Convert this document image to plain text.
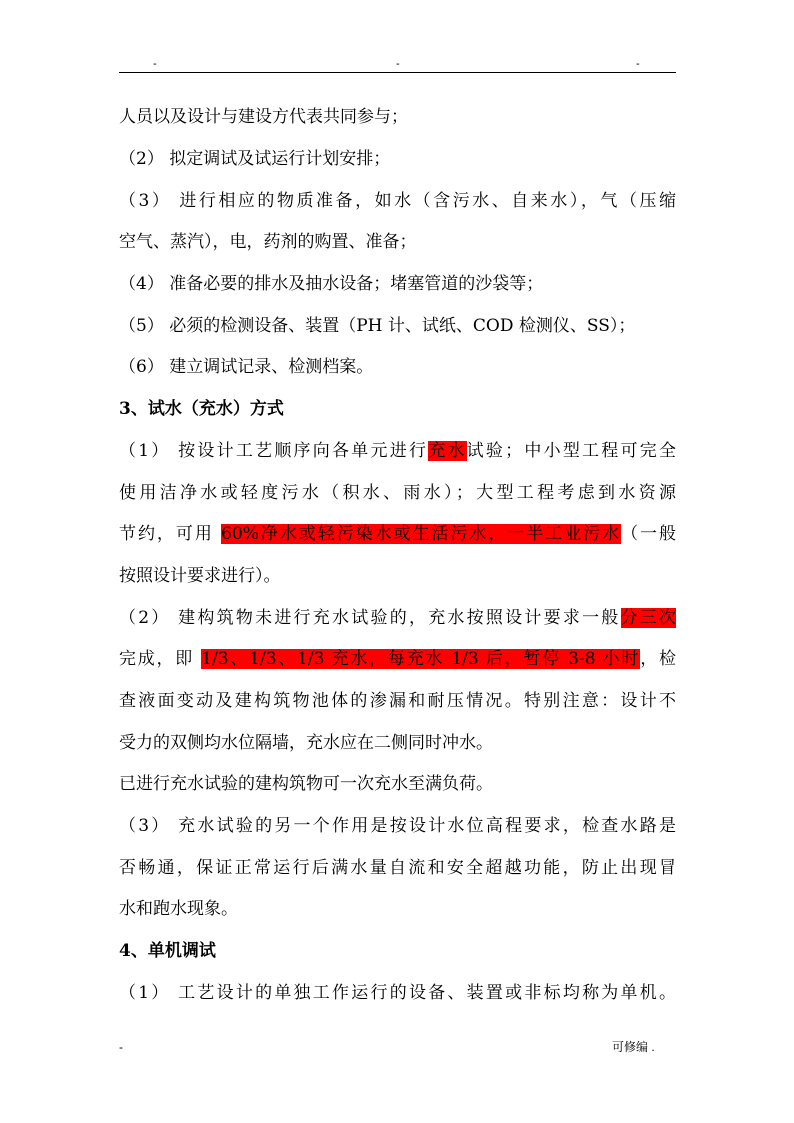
-	-	-
人员以及设计与建设方代表共同参与；
（2） 拟定调试及试运行计划安排；
（3） 进行相应的物质准备，如水（含污水、自来水），气（压缩
空气、蒸汽），电，药剂的购置、准备；
（4） 准备必要的排水及抽水设备；堵塞管道的沙袋等；
（5） 必须的检测设备、装置（PH 计、试纸、COD 检测仪、SS）；
（6） 建立调试记录、检测档案。
3、试水（充水）方式
（1） 按设计工艺顺序向各单元进行充水试验；中小型工程可完全
使用洁净水或轻度污水（积水、雨水）；大型工程考虑到水资源
节约，可用 60%净水或轻污染水或生活污水，一半工业污水（一般
按照设计要求进行）。
（2） 建构筑物未进行充水试验的，充水按照设计要求一般分三次
完成，即 1/3、1/3、1/3 充水，每充水 1/3 后，暂停 3-8 小时，检
查液面变动及建构筑物池体的渗漏和耐压情况。特别注意：设计不
受力的双侧均水位隔墙，充水应在二侧同时冲水。
已进行充水试验的建构筑物可一次充水至满负荷。
（3） 充水试验的另一个作用是按设计水位高程要求，检查水路是
否畅通，保证正常运行后满水量自流和安全超越功能，防止出现冒
水和跑水现象。
4、单机调试
（1） 工艺设计的单独工作运行的设备、装置或非标均称为单机。
-	可修编 .
